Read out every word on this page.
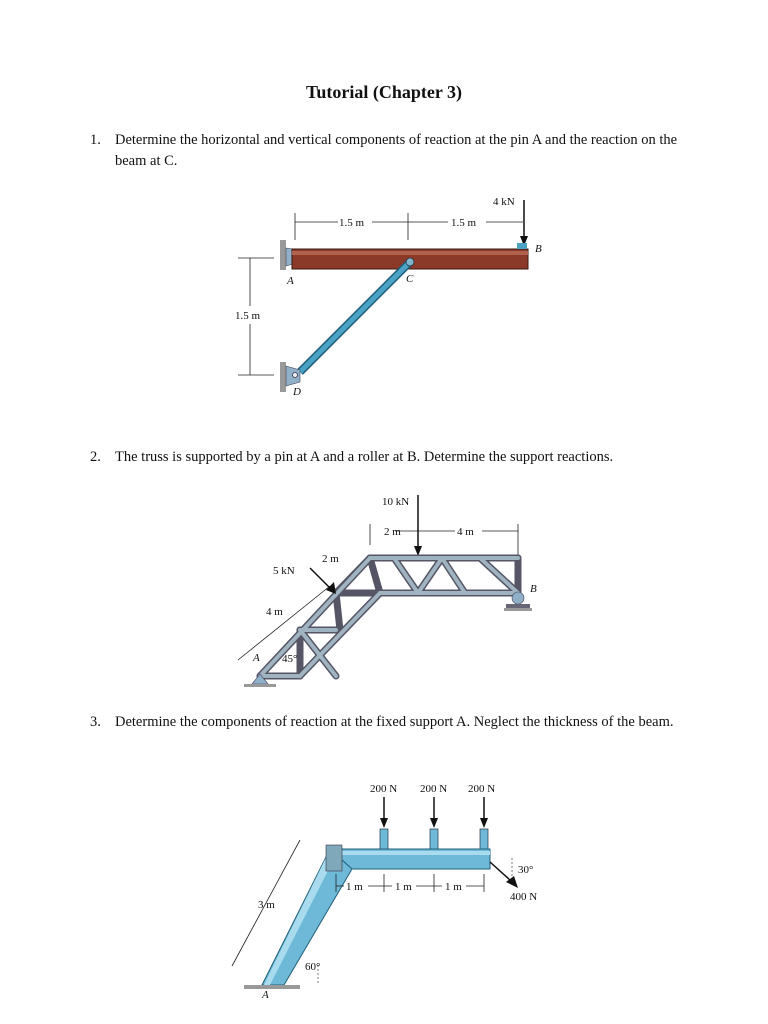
Tutorial (Chapter 3)
1. Determine the horizontal and vertical components of reaction at the pin A and the reaction on the beam at C.
2. The truss is supported by a pin at A and a roller at B. Determine the support reactions.
3. Determine the components of reaction at the fixed support A. Neglect the thickness of the beam.
1.5 m	1.5 m
4 kN
B
A	C
D
1.5 m
2 m	4 m
10 kN
5 kN
2 m
4 m
A 45°
B
200 N 200 N 200 N
A
30°
400 N
1 m	1 m	1 m
3 m
60°
